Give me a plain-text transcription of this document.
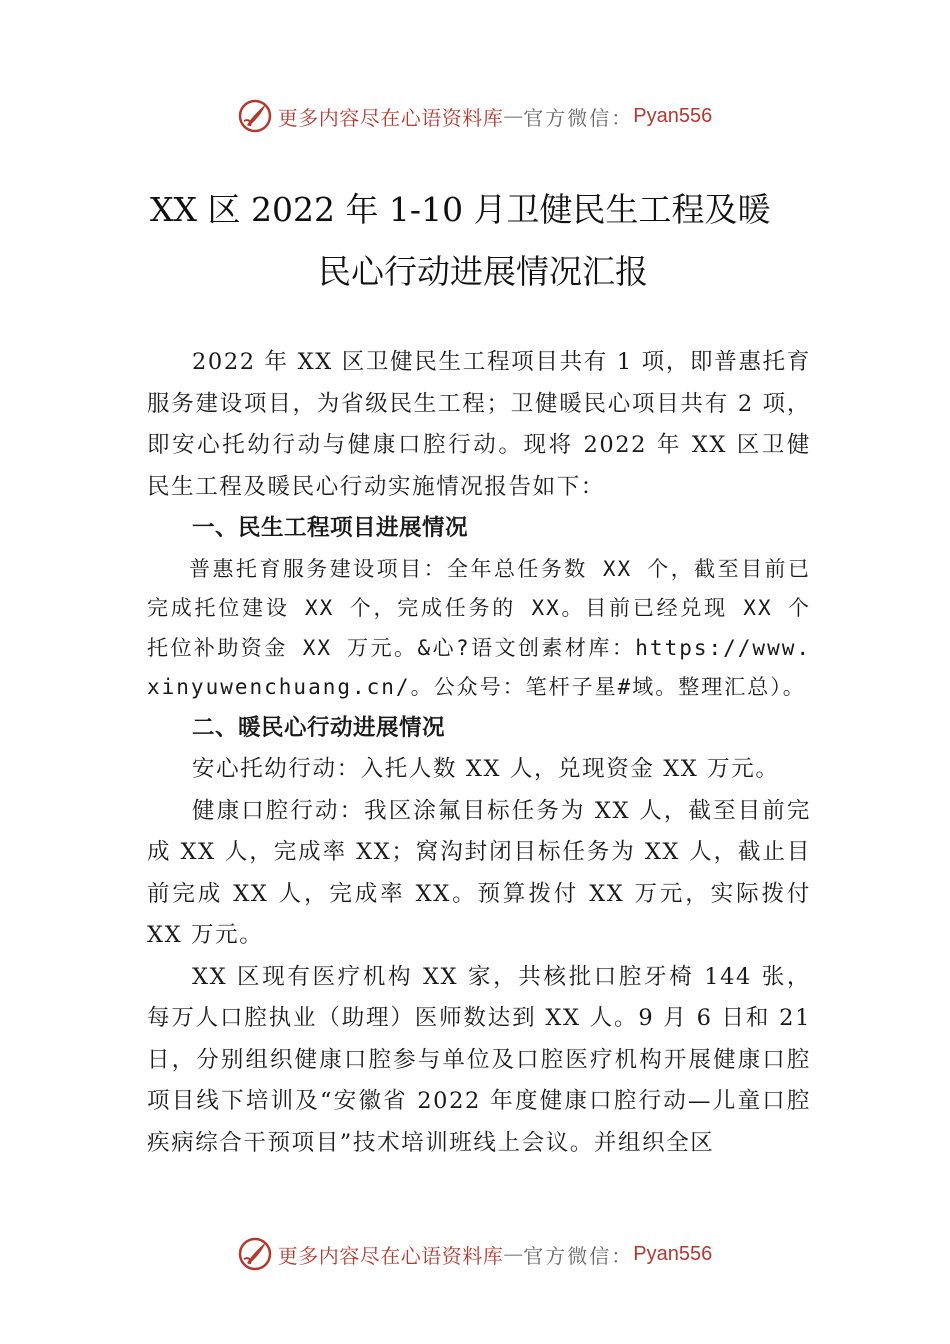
更多内容尽在心语资料库 — 官方微信： Pyan556
XX 区 2022 年 1-10 月卫健民生工程及暖
民心行动进展情况汇报

2022 年 XX 区卫健民生工程项目共有 1 项，即普惠托育服务建设项目，为省级民生工程；卫健暖民心项目共有 2 项，即安心托幼行动与健康口腔行动。现将 2022 年 XX 区卫健民生工程及暖民心行动实施情况报告如下：

一、民生工程项目进展情况

普惠托育服务建设项目：全年总任务数 XX 个，截至目前已完成托位建设 XX 个，完成任务的 XX。目前已经兑现 XX 个托位补助资金 XX 万元。&心?语文创素材库：https://www.xinyuwenchuang.cn/。公众号：笔杆子星#域。整理汇总）。

二、暖民心行动进展情况

安心托幼行动：入托人数 XX 人，兑现资金 XX 万元。

健康口腔行动：我区涂氟目标任务为 XX 人，截至目前完成 XX 人，完成率 XX；窝沟封闭目标任务为 XX 人，截止目前完成 XX 人，完成率 XX。预算拨付 XX 万元，实际拨付 XX 万元。

XX 区现有医疗机构 XX 家，共核批口腔牙椅 144 张，每万人口腔执业（助理）医师数达到 XX 人。9 月 6 日和 21 日，分别组织健康口腔参与单位及口腔医疗机构开展健康口腔项目线下培训及“安徽省 2022 年度健康口腔行动—儿童口腔疾病综合干预项目”技术培训班线上会议。并组织全区

更多内容尽在心语资料库 — 官方微信： Pyan556
